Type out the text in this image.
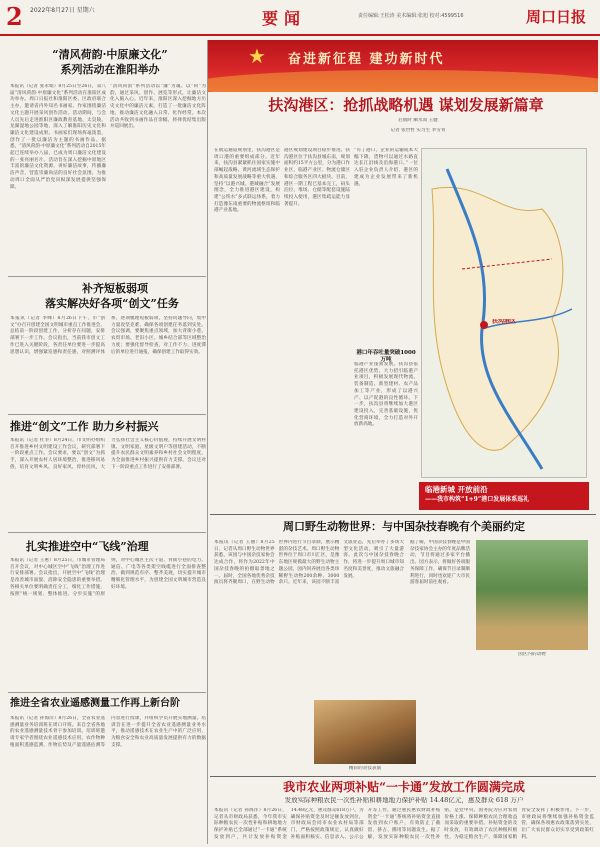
2 2022年8月27日 星期六	要闻	责任编辑:王松涛 美术编辑:张旭 校对:4599516	周口日报
“清风荷韵·中原廉文化”
系列活动在淮阳举办
本报讯（记者 张永娟）8月25日至26日，第八届“清风荷韵·中原廉文化”系列活动在淮阳区成功举办。周口日报社和淮阳区委、区政府联合主办，邀请省内外知名书画家、作家围绕廉洁文化主题开展采风创作活动。活动期间，与会人员先后走进淮阳区廉政教育基地、太昊陵、龙湖湿地公园等地，深入了解淮阳历史文化和廉洁文化建设成果。书画家们现场挥毫泼墨，创作了一批以廉洁为主题的书画作品。据悉，“清风荷韵·中原廉文化”系列活动自2015年起已连续举办八届，已成为周口廉洁文化建设的一张亮丽名片。活动旨在深入挖掘中原地区丰富的廉洁文化资源，讲好廉洁故事，传播廉洁声音，营造崇廉尚洁的良好社会氛围，为推动周口全面从严治党向纵深发展提供坚强保障。
“清风荷韵”系列活动以“廉”为魂、以“荷”为韵，通过采风、创作、展览等形式，让廉洁文化入脑入心。近年来，淮阳区深入挖掘地方历史文化中的廉洁元素，打造了一批廉洁文化阵地，推动廉洁文化融入日常、化作经常。本次活动共收到书画作品百余幅，将择优结集出版并巡回展出。
补齐短板弱项
落实解决好各项“创文”任务
本报讯（记者 李峰）8月26日下午，市“创文”办召开创建全国文明城市重点工作推进会，总结前一阶段创建工作，分析存在问题，安排部署下一步工作。会议指出，当前我市创文工作已进入关键阶段，各责任单位要进一步提高思想认识，增强紧迫感和责任感，对照测评体系，逐项梳理短板弱项，坚持问题导向，集中力量攻坚克难，确保各项创建任务落到实处。会议强调，要聚焦重点领域，加大背街小巷、农贸市场、老旧小区、城乡结合部等区域整治力度；要强化督导检查，对工作不力、进度滞后的单位进行通报，确保创建工作取得实效。
推进“创文”工作 助力乡村振兴
本报讯（记者 杜争）8月24日，市文明办组织召开推进乡村文明建设工作会议，研究部署下一阶段重点工作。会议要求，要以“创文”为抓手，深入开展农村人居环境整治，推进移风易俗，培育文明乡风、良好家风、淳朴民风，大力弘扬社会主义核心价值观，持续开展文明村镇、文明家庭、星级文明户等创建活动，不断提升农民群众文明素养和乡村社会文明程度，为全面推进乡村振兴提供有力支撑。会议还对下一阶段重点工作进行了安排部署。
扎实推进空中“飞线”治理
本报讯（记者 王惠）8月25日，市城市管理局召开会议，对中心城区空中“飞线”治理工作进行安排部署。会议指出，开展空中“飞线”治理是改善城市面貌、消除安全隐患的重要举措。各相关单位要明确责任分工，细化工作措施，按照“统一规划、整体推进、分步实施”的原则，对中心城区主次干道、背街小巷的电力、通信、广电等各类架空线缆进行全面排查整治，做到规范有序、整齐美观，切实提升城市精细化管理水平，为创建全国文明城市营造良好环境。
推进全省农业遥感测量工作再上新台阶
本报讯（记者 孙海洋）8月26日，全省农业遥感测量业务培训班在周口开班。来自全省各地的农业遥感测量技术骨干参加培训。培训班邀请专家学者围绕农业遥感技术应用、农作物种植面积遥感监测、作物长势及产量遥感估测等内容进行授课，并组织学员开展实地测量。培训旨在进一步提升全省农业遥感测量业务水平，推动遥感技术在农业生产中的广泛应用，为粮食安全和农业高质量发展提供有力的数据支撑。
★ 奋进新征程 建功新时代
扶沟港区：抢抓战略机遇 谋划发展新篇章
启航时 顺水而 王健
记者 张世哲 实习生 李雪青
在航运通道规划里，扶沟港区是周口港的重要组成部分。近年来，扶沟县紧紧抓住国家实施中部崛起战略、黄河流域生态保护和高质量发展战略等重大机遇，坚持“以港兴城、港城融合”发展理念，全力推进港区建设，构建“公铁水”多式联运体系，着力打造豫东南重要的物流枢纽和临港产业基地。
港区规划建设项目稳步推进。扶沟港区位于扶沟县城东南，规划面积约15平方公里，分为港口作业区、临港产业区、物流仓储区和综合服务区四大板块。目前，港区一期工程已基本完工，码头泊位、堆场、仓储等配套设施陆续投入使用，港区集疏运能力显著提升。
“有了港口，企业的运输成本大幅下降，货物可以通过水路直达长江沿线及沿海港口。”一位入驻企业负责人介绍，港区的建成为企业发展带来了新机遇。
港口年吞吐量突破1000万吨
临港产业蓬勃发展。扶沟县依托港区优势，大力招引临港产业项目，积极发展现代物流、装备制造、新型建材、农产品加工等产业，形成了以港兴产、以产促港的良性循环。下一步，扶沟县将继续加大港区建设投入，完善基础设施，优化营商环境，全力打造对外开放新高地。
扶沟港区
临港新城 开放前沿
——我市构筑“1+9”港口发展体系巡礼
周口野生动物世界：与中国杂技春晚有个美丽约定
本报讯（记者 王丽）8月25日，记者从周口野生动物世界获悉，该园与中国杂技家协会达成合作，将作为2022年中国杂技春晚的拍摄取景地之一。届时，全国各地优秀杂技演员将齐聚周口，在野生动物世界内进行节目录制，展示精湛的杂技艺术。周口野生动物世界位于周口市川汇区，是豫东地区规模最大的野生动物主题公园，园内饲养展出各类珍稀野生动物200余种、3000余只。近年来，该园不断丰富文旅业态，先后举办了多场大型文化活动，吸引了大量游客。此次与中国杂技春晚合作，将进一步提升周口城市知名度和美誉度，推动文旅融合发展。
据了解，中国杂技春晚是中国杂技家协会主办的年度品牌活动，节目将通过多家平台播出。园方表示，将做好各项服务保障工作，确保节目录制顺利进行，同时也欢迎广大市民游客届时前往观看。
精彩的杂技表演
园区内的动物
我市农业两项补贴“一卡通”发放工作圆满完成
发放实际种粮农民一次性补贴和耕地地力保护补贴 14.48亿元，惠及群众 618 万户
本报讯（记者 孙海洋）8月26日，记者从市财政局获悉，今年我市实际种粮农民一次性补贴和耕地地力保护补贴已全部通过“一卡通”系统发放到户，共计发放补贴资金14.48亿元，惠及群众618万户。为确保补贴资金及时足额发放到位，市财政局会同市农业农村局等部门，严格按照政策规定，认真做好补贴面积核实、信息录入、公示公开等工作，通过惠民惠农财政补贴资金“一卡通”系统将补贴资金直接发放到农户账户，有效防止了截留、挤占、挪用等问题发生。据了解，发放实际种粮农民一次性补贴，是党中央、国务院为应对农资价格上涨、保障种粮农民合理收益而采取的重要举措。补贴资金的及时发放，有效调动了农民种粮积极性，为稳定粮食生产、保障国家粮食安全发挥了积极作用。下一步，市财政局将继续加强补贴资金监管，确保各项惠农政策落到实处，让广大农民群众切实享受到政策红利。
